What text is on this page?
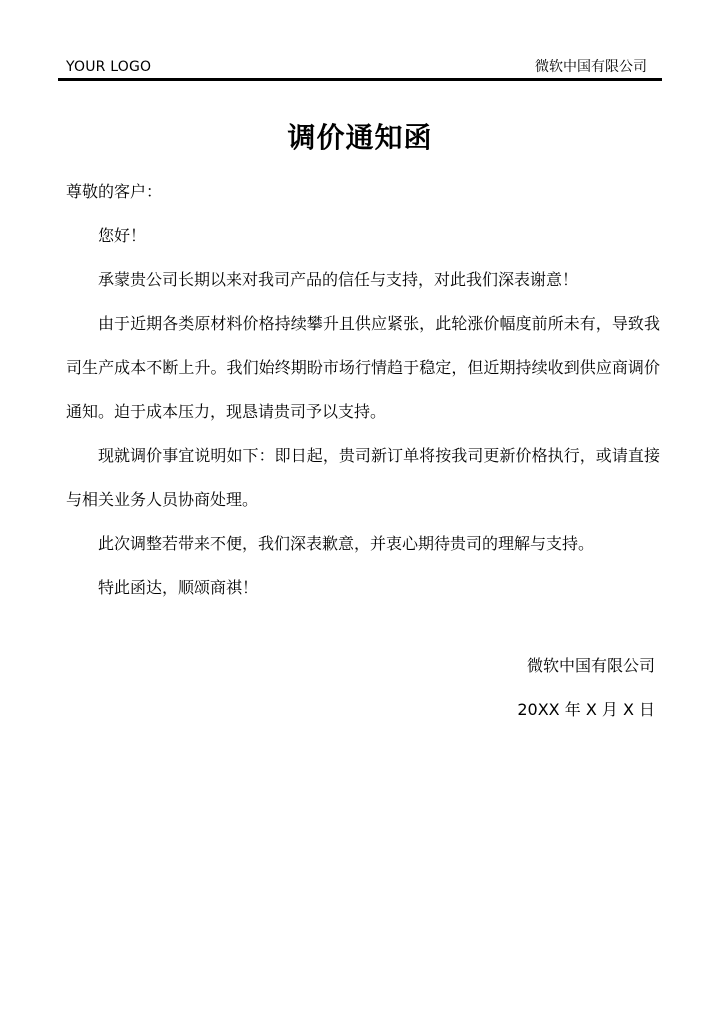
YOUR LOGO	微软中国有限公司
调价通知函

尊敬的客户：

您好！

承蒙贵公司长期以来对我司产品的信任与支持，对此我们深表谢意！

由于近期各类原材料价格持续攀升且供应紧张，此轮涨价幅度前所未有，导致我司生产成本不断上升。我们始终期盼市场行情趋于稳定，但近期持续收到供应商调价通知。迫于成本压力，现恳请贵司予以支持。

现就调价事宜说明如下：即日起，贵司新订单将按我司更新价格执行，或请直接与相关业务人员协商处理。

此次调整若带来不便，我们深表歉意，并衷心期待贵司的理解与支持。

特此函达，顺颂商祺！

微软中国有限公司
20XX 年 X 月 X 日
